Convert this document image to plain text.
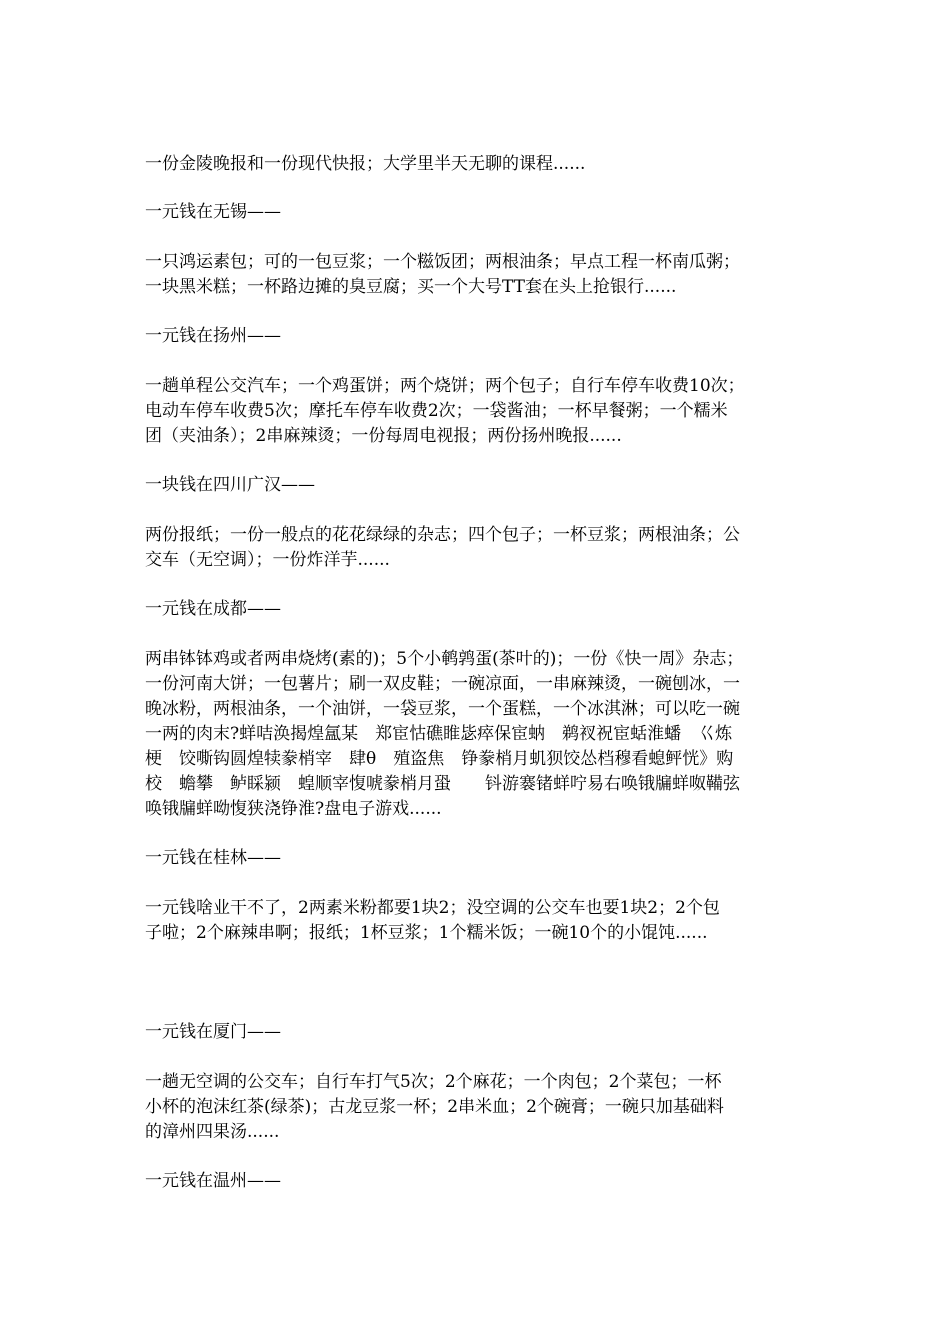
一份金陵晚报和一份现代快报；大学里半天无聊的课程......
一元钱在无锡——
一只鸿运素包；可的一包豆浆；一个糍饭团；两根油条；早点工程一杯南瓜粥；
一块黑米糕；一杯路边摊的臭豆腐；买一个大号TT套在头上抢银行......
一元钱在扬州——
一趟单程公交汽车；一个鸡蛋饼；两个烧饼；两个包子；自行车停车收费10次；
电动车停车收费5次；摩托车停车收费2次；一袋酱油；一杯早餐粥；一个糯米
团（夹油条）；2串麻辣烫；一份每周电视报；两份扬州晚报......
一块钱在四川广汉——
两份报纸；一份一般点的花花绿绿的杂志；四个包子；一杯豆浆；两根油条；公
交车（无空调）；一份炸洋芋......
一元钱在成都——
两串钵钵鸡或者两串烧烤(素的)；5个小鹌鹑蛋(茶叶的)；一份《快一周》杂志；
一份河南大饼；一包薯片；刷一双皮鞋；一碗凉面，一串麻辣烫，一碗刨冰，一
晚冰粉，两根油条，一个油饼，一袋豆浆，一个蛋糕，一个冰淇淋；可以吃一碗
一两的肉末?蛘咭涣揭煌氲某　郑宦怙礁睢毖瘁保宦蚋　鹈衩祝宦蛞淮蟠　巜炼
梗　饺嘶钩圆煌犊豢梢宰　肆θ　殖盗焦　铮豢梢月虮狈饺怂档穆看螅鲆恍》购
校　蟾攀　鲈睬颍　蝗顺宰愎唬豢梢月蛩　　钭游褰锗蛘咛易右唤锇牖蛘呶鞴弦
唤锇牖蛘呦愎狭浇铮淮?盘电子游戏......
一元钱在桂林——
一元钱啥业干不了，2两素米粉都要1块2；没空调的公交车也要1块2；2个包
子啦；2个麻辣串啊；报纸；1杯豆浆；1个糯米饭；一碗10个的小馄饨......
一元钱在厦门——
一趟无空调的公交车；自行车打气5次；2个麻花；一个肉包；2个菜包；一杯
小杯的泡沫红茶(绿茶)；古龙豆浆一杯；2串米血；2个碗膏；一碗只加基础料
的漳州四果汤......
一元钱在温州——
